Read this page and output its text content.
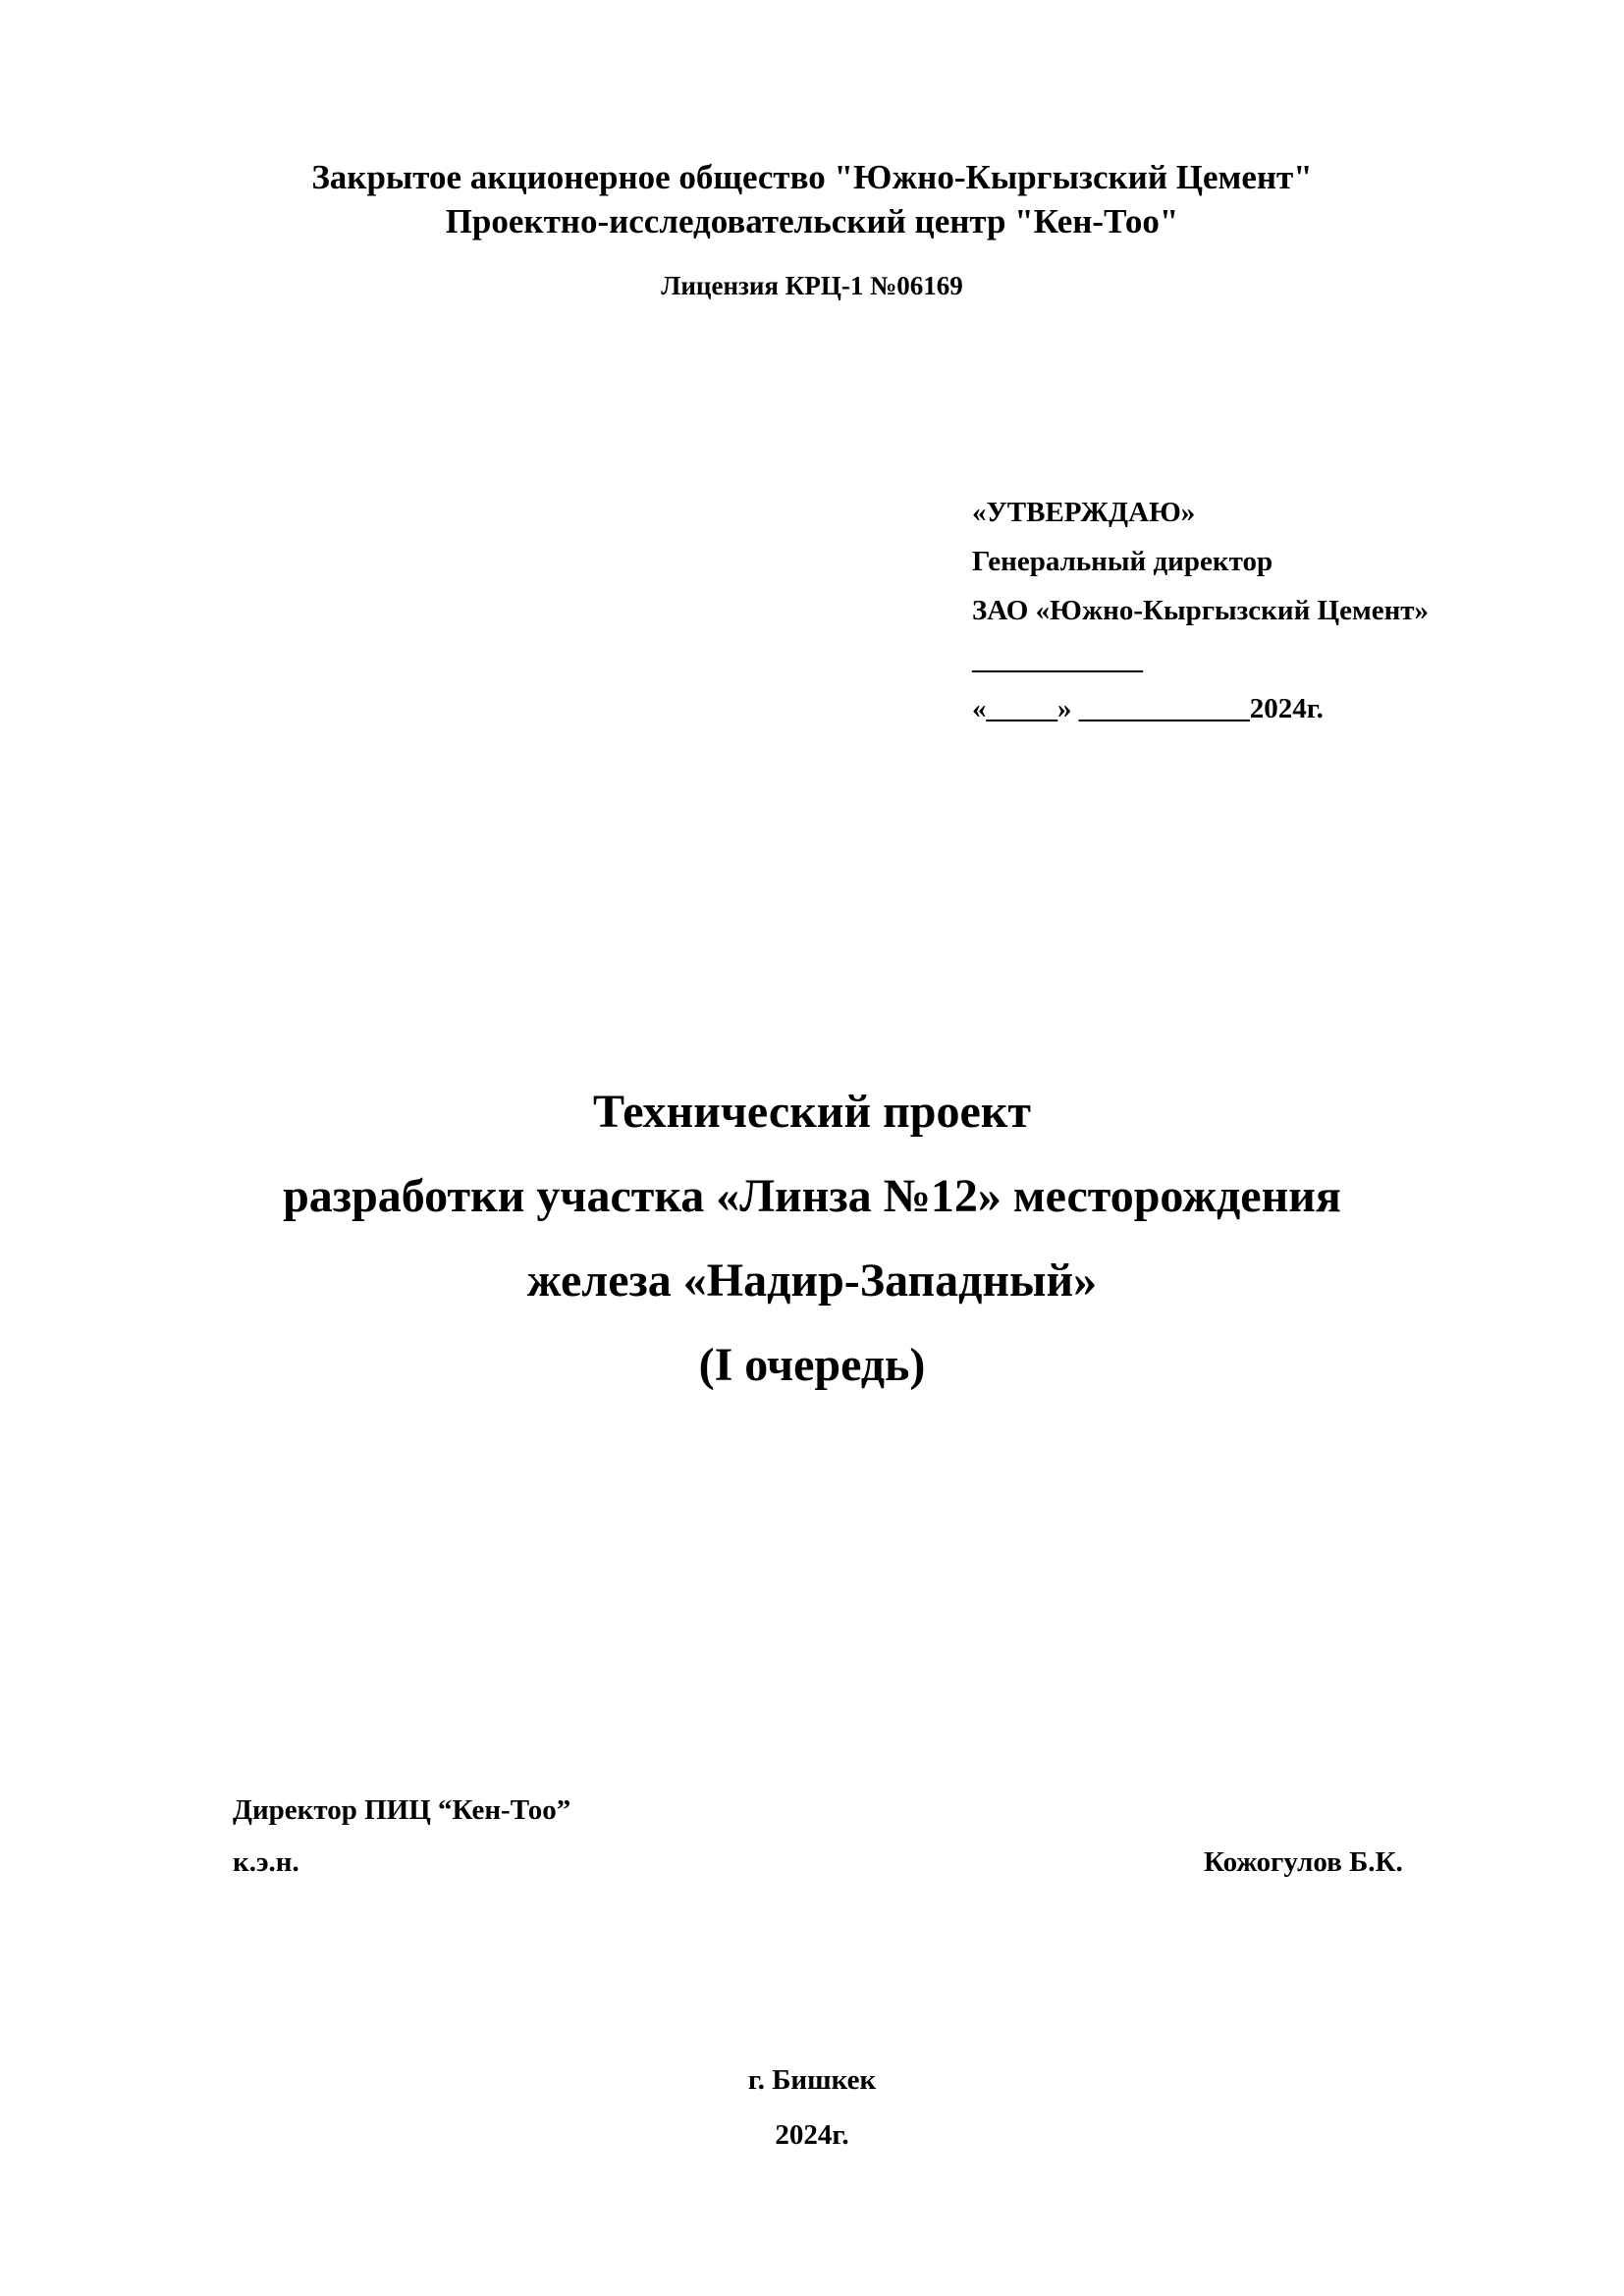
Закрытое акционерное общество "Южно-Кыргызский Цемент"
Проектно-исследовательский центр "Кен-Тоо"
Лицензия КРЦ-1 №06169
«УТВЕРЖДАЮ»
Генеральный директор
ЗАО «Южно-Кыргызский Цемент»
____________
«_____» ____________2024г.
Технический проект
разработки участка «Линза №12» месторождения
железа «Надир-Западный»
(I очередь)
Директор ПИЦ “Кен-Тоо”
к.э.н.	Кожогулов Б.К.
г. Бишкек
2024г.
